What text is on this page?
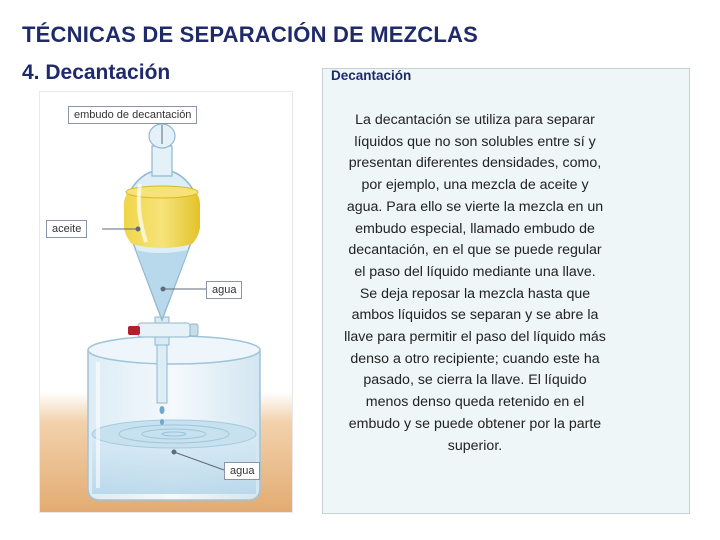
TÉCNICAS DE SEPARACIÓN DE MEZCLAS
4. Decantación
embudo de decantación
aceite
agua
agua
Decantación

La decantación se utiliza para separar líquidos que no son solubles entre sí y presentan diferentes densidades, como, por ejemplo, una mezcla de aceite y agua. Para ello se vierte la mezcla en un embudo especial, llamado embudo de decantación, en el que se puede regular el paso del líquido mediante una llave. Se deja reposar la mezcla hasta que ambos líquidos se separan y se abre la llave para permitir el paso del líquido más denso a otro recipiente; cuando este ha pasado, se cierra la llave. El líquido menos denso queda retenido en el embudo y se puede obtener por la parte superior.
